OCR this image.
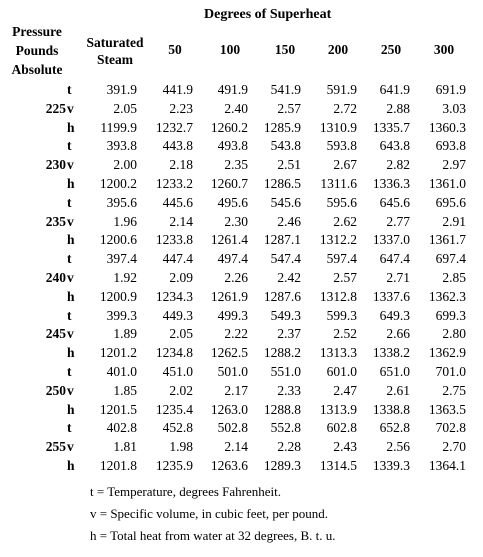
Pressure
Pounds
Absolute
Degrees of Superheat
Saturated
Steam
50	100	150	200	250	300
t	391.9	441.9	491.9	541.9	591.9	641.9	691.9
225 v	2.05	2.23	2.40	2.57	2.72	2.88	3.03
h	1199.9	1232.7	1260.2	1285.9	1310.9	1335.7	1360.3
t	393.8	443.8	493.8	543.8	593.8	643.8	693.8
230 v	2.00	2.18	2.35	2.51	2.67	2.82	2.97
h	1200.2	1233.2	1260.7	1286.5	1311.6	1336.3	1361.0
t	395.6	445.6	495.6	545.6	595.6	645.6	695.6
235 v	1.96	2.14	2.30	2.46	2.62	2.77	2.91
h	1200.6	1233.8	1261.4	1287.1	1312.2	1337.0	1361.7
t	397.4	447.4	497.4	547.4	597.4	647.4	697.4
240 v	1.92	2.09	2.26	2.42	2.57	2.71	2.85
h	1200.9	1234.3	1261.9	1287.6	1312.8	1337.6	1362.3
t	399.3	449.3	499.3	549.3	599.3	649.3	699.3
245 v	1.89	2.05	2.22	2.37	2.52	2.66	2.80
h	1201.2	1234.8	1262.5	1288.2	1313.3	1338.2	1362.9
t	401.0	451.0	501.0	551.0	601.0	651.0	701.0
250 v	1.85	2.02	2.17	2.33	2.47	2.61	2.75
h	1201.5	1235.4	1263.0	1288.8	1313.9	1338.8	1363.5
t	402.8	452.8	502.8	552.8	602.8	652.8	702.8
255 v	1.81	1.98	2.14	2.28	2.43	2.56	2.70
h	1201.8	1235.9	1263.6	1289.3	1314.5	1339.3	1364.1
t = Temperature, degrees Fahrenheit.
v = Specific volume, in cubic feet, per pound.
h = Total heat from water at 32 degrees, B. t. u.
